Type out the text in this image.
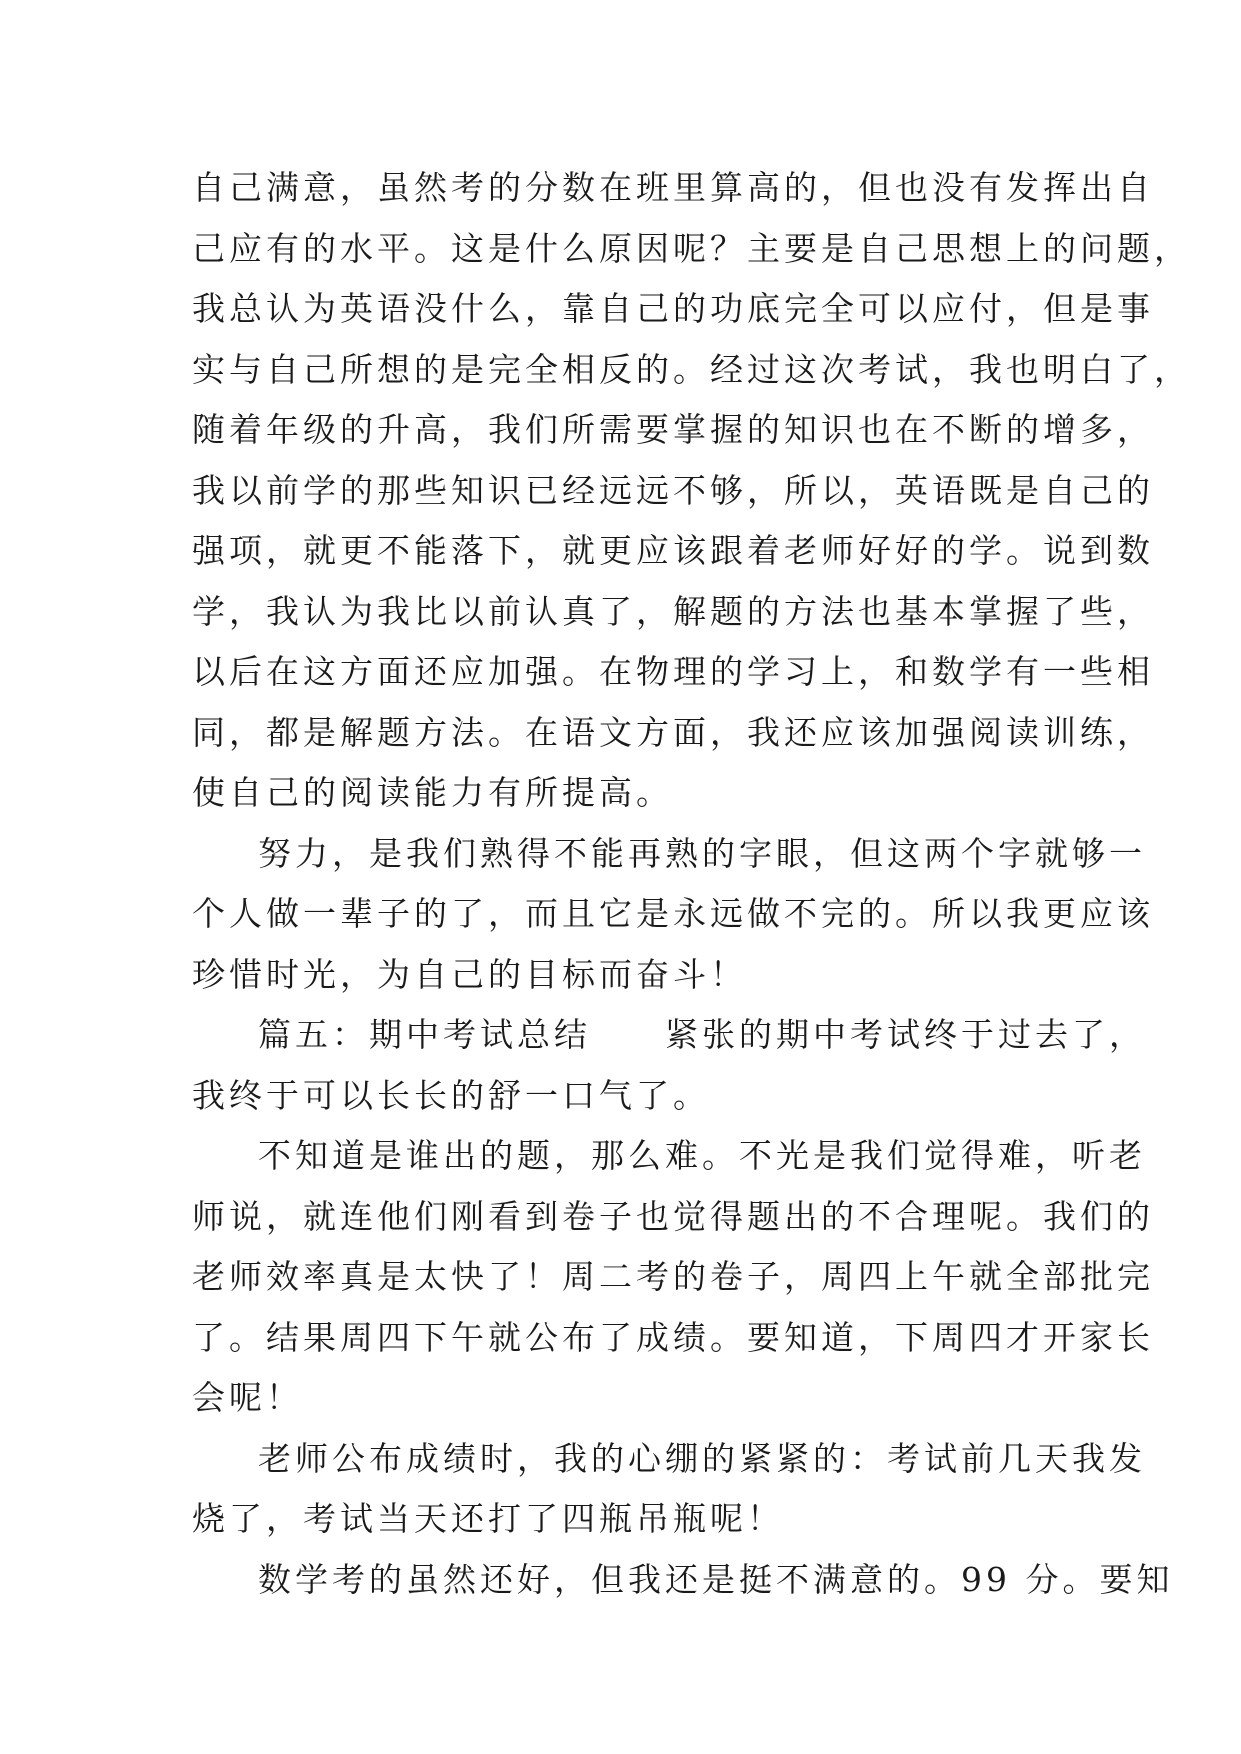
自己满意，虽然考的分数在班里算高的，但也没有发挥出自
己应有的水平。这是什么原因呢？主要是自己思想上的问题，
我总认为英语没什么，靠自己的功底完全可以应付，但是事
实与自己所想的是完全相反的。经过这次考试，我也明白了，
随着年级的升高，我们所需要掌握的知识也在不断的增多，
我以前学的那些知识已经远远不够，所以，英语既是自己的
强项，就更不能落下，就更应该跟着老师好好的学。说到数
学，我认为我比以前认真了，解题的方法也基本掌握了些，
以后在这方面还应加强。在物理的学习上，和数学有一些相
同，都是解题方法。在语文方面，我还应该加强阅读训练，
使自己的阅读能力有所提高。
努力，是我们熟得不能再熟的字眼，但这两个字就够一
个人做一辈子的了，而且它是永远做不完的。所以我更应该
珍惜时光，为自己的目标而奋斗！
篇五：期中考试总结　　紧张的期中考试终于过去了，
我终于可以长长的舒一口气了。
不知道是谁出的题，那么难。不光是我们觉得难，听老
师说，就连他们刚看到卷子也觉得题出的不合理呢。我们的
老师效率真是太快了！周二考的卷子，周四上午就全部批完
了。结果周四下午就公布了成绩。要知道，下周四才开家长
会呢！
老师公布成绩时，我的心绷的紧紧的：考试前几天我发
烧了，考试当天还打了四瓶吊瓶呢！
数学考的虽然还好，但我还是挺不满意的。99 分。要知
